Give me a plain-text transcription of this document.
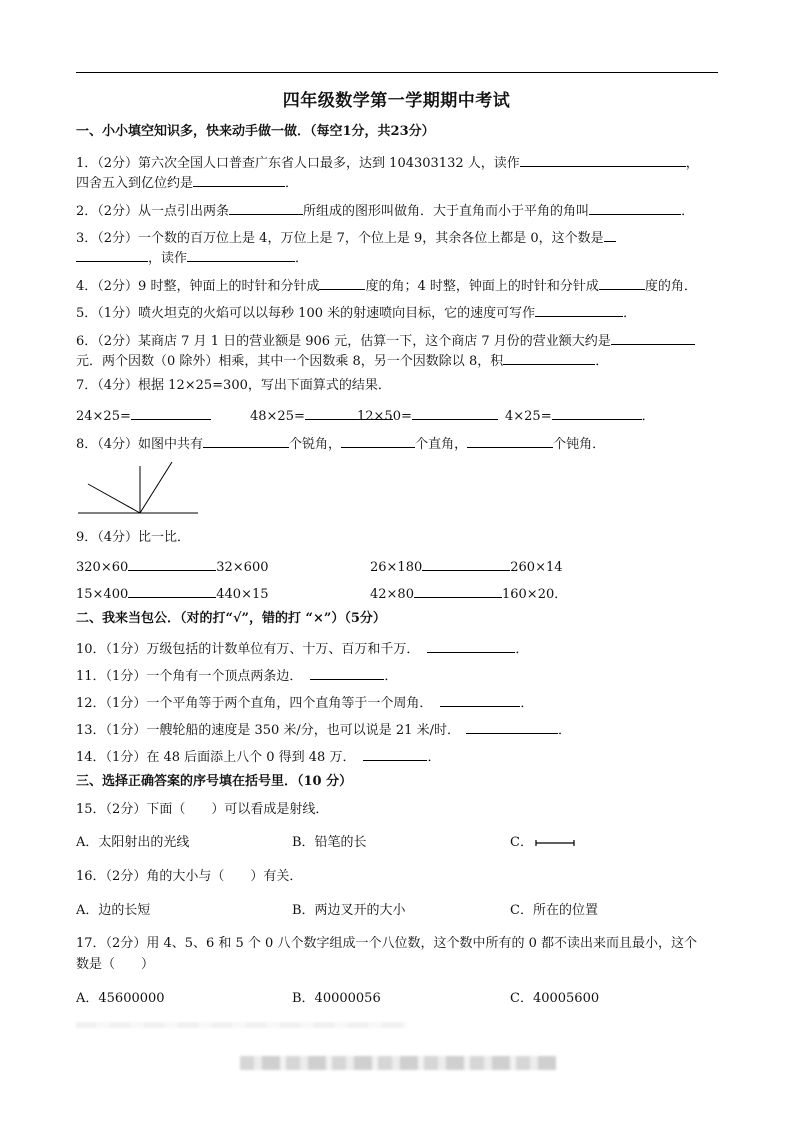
四年级数学第一学期期中考试
一、小小填空知识多，快来动手做一做．（每空1分，共23分）
1．（2分）第六次全国人口普查广东省人口最多，达到 104303132 人，读作	，
四舍五入到亿位约是	．
2．（2分）从一点引出两条	所组成的图形叫做角．大于直角而小于平角的角叫	．
3．（2分）一个数的百万位上是 4，万位上是 7，个位上是 9，其余各位上都是 0，这个数是
，读作	．
4．（2分）9 时整，钟面上的时针和分针成	度的角；4 时整，钟面上的时针和分针成	度的角．
5．（1分）喷火坦克的火焰可以以每秒 100 米的射速喷向目标，它的速度可写作	．
6．（2分）某商店 7 月 1 日的营业额是 906 元，估算一下，这个商店 7 月份的营业额大约是
元．两个因数（0 除外）相乘，其中一个因数乘 8，另一个因数除以 8，积	．
7．（4分）根据 12×25=300，写出下面算式的结果．
24×25=	48×25=	12×50=	4×25=	．
8．（4分）如图中共有	个锐角，	个直角，	个钝角．
9．（4分）比一比．
320×60	32×600	26×180	260×14
15×400	440×15	42×80	160×20．
二、我来当包公．（对的打“√”，错的打 “×”）（5分）
10．（1分）万级包括的计数单位有万、十万、百万和千万．	．
11．（1分）一个角有一个顶点两条边．	．
12．（1分）一个平角等于两个直角，四个直角等于一个周角．	．
13．（1分）一艘轮船的速度是 350 米/分，也可以说是 21 米/时．	．
14．（1分）在 48 后面添上八个 0 得到 48 万．	．
三、选择正确答案的序号填在括号里．（10 分）
15．（2分）下面（　　）可以看成是射线．
A．太阳射出的光线	B．铅笔的长	C．
16．（2分）角的大小与（　　）有关．
A．边的长短	B．两边叉开的大小	C．所在的位置
17．（2分）用 4、5、6 和 5 个 0 八个数字组成一个八位数，这个数中所有的 0 都不读出来而且最小，这个
数是（　　）
A．45600000	B．40000056	C．40005600
